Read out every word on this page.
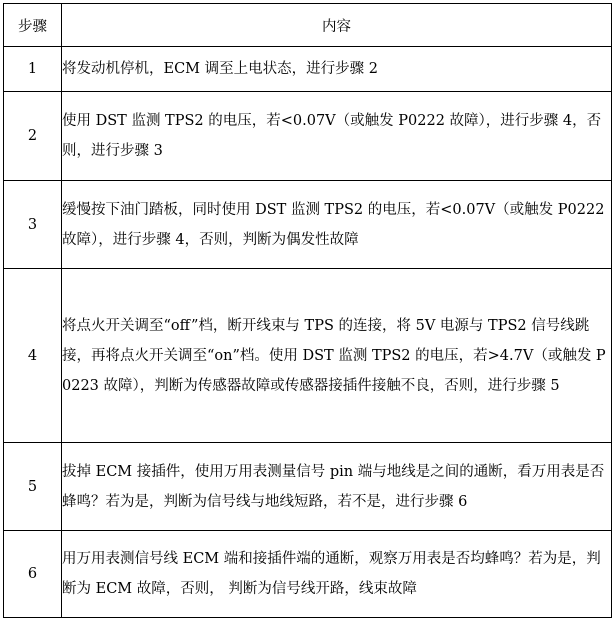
步骤	内容
1	将发动机停机，ECM 调至上电状态，进行步骤 2
2	使用 DST 监测 TPS2 的电压，若<0.07V（或触发 P0222 故障），进行步骤 4，否则，进行步骤 3
3	缓慢按下油门踏板，同时使用 DST 监测 TPS2 的电压，若<0.07V（或触发 P0222 故障），进行步骤 4，否则，判断为偶发性故障
4	将点火开关调至“off”档，断开线束与 TPS 的连接，将 5V 电源与 TPS2 信号线跳接，再将点火开关调至“on”档。使用 DST 监测 TPS2 的电压，若>4.7V（或触发 P0223 故障），判断为传感器故障或传感器接插件接触不良，否则，进行步骤 5
5	拔掉 ECM 接插件，使用万用表测量信号 pin 端与地线是之间的通断，看万用表是否蜂鸣？若为是，判断为信号线与地线短路，若不是，进行步骤 6
6	用万用表测信号线 ECM 端和接插件端的通断，观察万用表是否均蜂鸣？若为是，判断为 ECM 故障，否则， 判断为信号线开路，线束故障
